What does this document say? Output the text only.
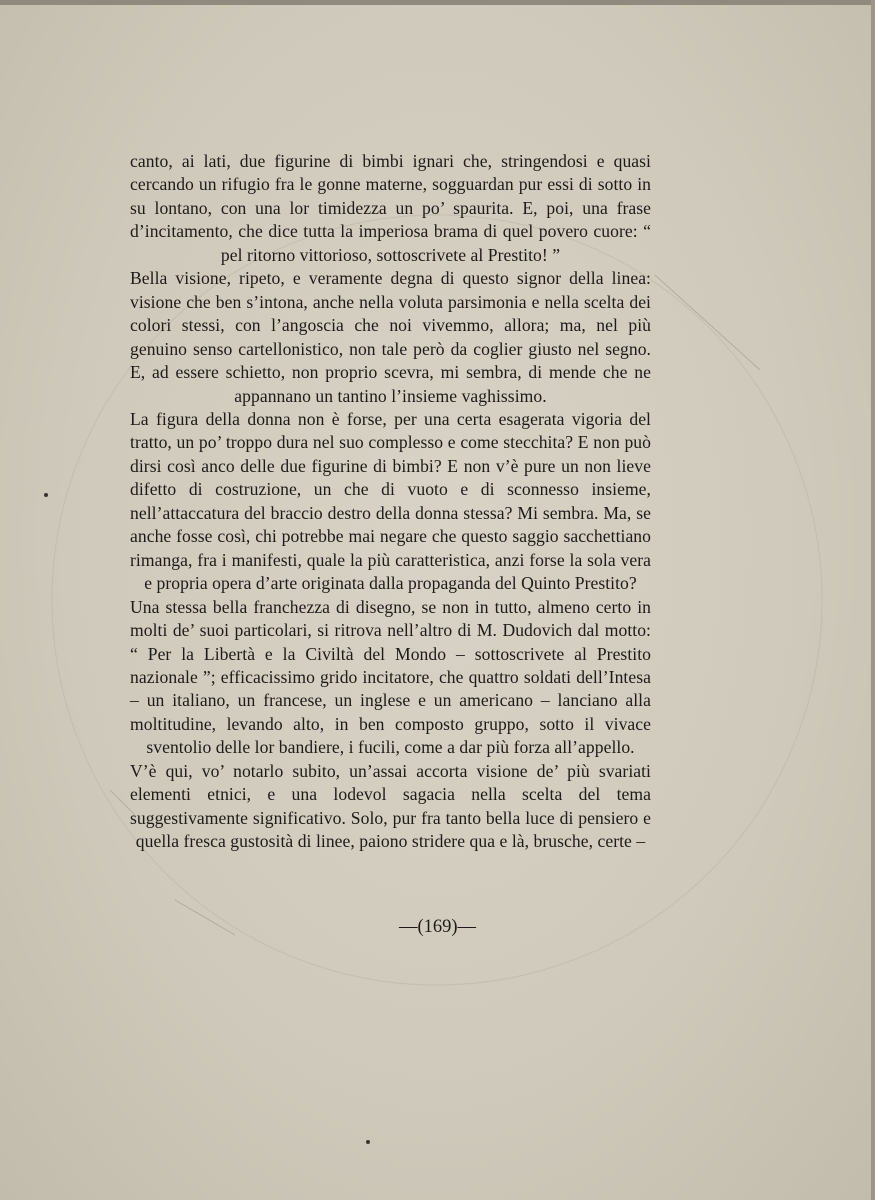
canto, ai lati, due figurine di bimbi ignari che, stringendosi e quasi cercando un rifugio fra le gonne materne, sogguardan pur essi di sotto in su lontano, con una lor timidezza un po’ spaurita. E, poi, una frase d’incitamento, che dice tutta la imperiosa brama di quel povero cuore: “ pel ritorno vittorioso, sottoscrivete al Prestito! ”

Bella visione, ripeto, e veramente degna di questo signor della linea: visione che ben s’intona, anche nella voluta parsimonia e nella scelta dei colori stessi, con l’angoscia che noi vivemmo, allora; ma, nel più genuino senso cartellonistico, non tale però da coglier giusto nel segno. E, ad essere schietto, non proprio scevra, mi sembra, di mende che ne appannano un tantino l’insieme vaghissimo.

La figura della donna non è forse, per una certa esagerata vigoria del tratto, un po’ troppo dura nel suo complesso e come stecchita? E non può dirsi così anco delle due figurine di bimbi? E non v’è pure un non lieve difetto di costruzione, un che di vuoto e di sconnesso insieme, nell’attaccatura del braccio destro della donna stessa? Mi sembra. Ma, se anche fosse così, chi potrebbe mai negare che questo saggio sacchettiano rimanga, fra i manifesti, quale la più caratteristica, anzi forse la sola vera e propria opera d’arte originata dalla propaganda del Quinto Prestito?

Una stessa bella franchezza di disegno, se non in tutto, almeno certo in molti de’ suoi particolari, si ritrova nell’altro di M. Dudovich dal motto: “ Per la Libertà e la Civiltà del Mondo – sottoscrivete al Prestito nazionale ”; efficacissimo grido incitatore, che quattro soldati dell’Intesa – un italiano, un francese, un inglese e un americano – lanciano alla moltitudine, levando alto, in ben composto gruppo, sotto il vivace sventolio delle lor bandiere, i fucili, come a dar più forza all’appello.

V’è qui, vo’ notarlo subito, un’assai accorta visione de’ più svariati elementi etnici, e una lodevol sagacia nella scelta del tema suggestivamente significativo. Solo, pur fra tanto bella luce di pensiero e quella fresca gustosità di linee, paiono stridere qua e là, brusche, certe –

—(169)—
